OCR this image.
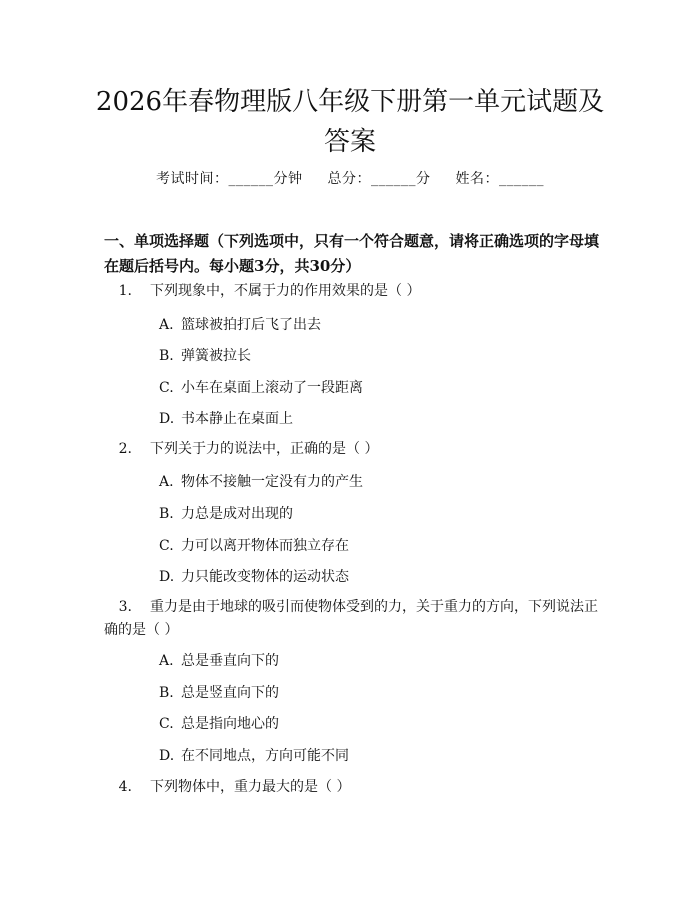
2026年春物理版八年级下册第一单元试题及
答案
考试时间：______分钟 总分：______分 姓名：______
一、单项选择题（下列选项中，只有一个符合题意，请将正确选项的字母填在题后括号内。每小题3分，共30分）
1. 下列现象中，不属于力的作用效果的是（ ）
A. 篮球被拍打后飞了出去
B. 弹簧被拉长
C. 小车在桌面上滚动了一段距离
D. 书本静止在桌面上
2. 下列关于力的说法中，正确的是（ ）
A. 物体不接触一定没有力的产生
B. 力总是成对出现的
C. 力可以离开物体而独立存在
D. 力只能改变物体的运动状态
3. 重力是由于地球的吸引而使物体受到的力，关于重力的方向，下列说法正确的是（ ）
A. 总是垂直向下的
B. 总是竖直向下的
C. 总是指向地心的
D. 在不同地点，方向可能不同
4. 下列物体中，重力最大的是（ ）
